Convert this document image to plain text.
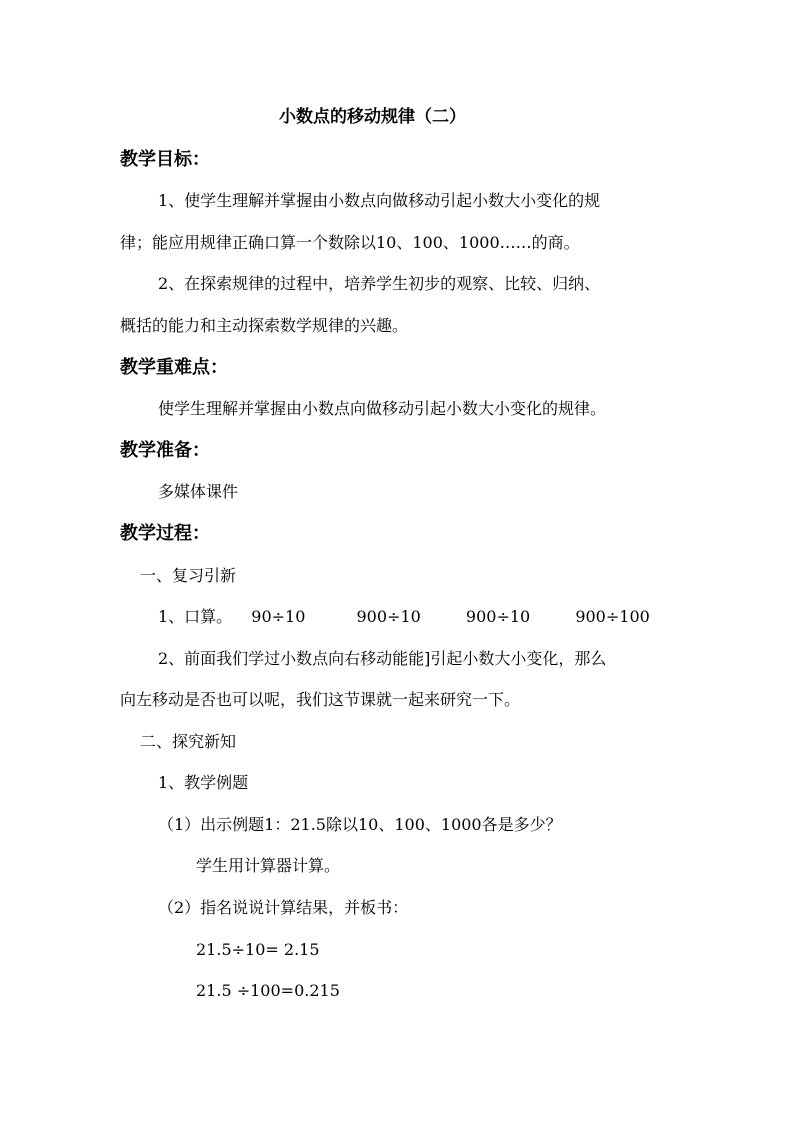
小数点的移动规律（二）
教学目标：
1、使学生理解并掌握由小数点向做移动引起小数大小变化的规
律；能应用规律正确口算一个数除以10、100、1000……的商。
2、在探索规律的过程中，培养学生初步的观察、比较、归纳、
概括的能力和主动探索数学规律的兴趣。
教学重难点：
使学生理解并掌握由小数点向做移动引起小数大小变化的规律。
教学准备：
多媒体课件
教学过程：
一、复习引新
1、口算。 90÷10	900÷10	900÷10	900÷100
2、前面我们学过小数点向右移动能能]引起小数大小变化，那么
向左移动是否也可以呢，我们这节课就一起来研究一下。
二、探究新知
1、教学例题
（1）出示例题1：21.5除以10、100、1000各是多少？
学生用计算器计算。
（2）指名说说计算结果，并板书：
21.5÷10= 2.15
21.5 ÷100=0.215
